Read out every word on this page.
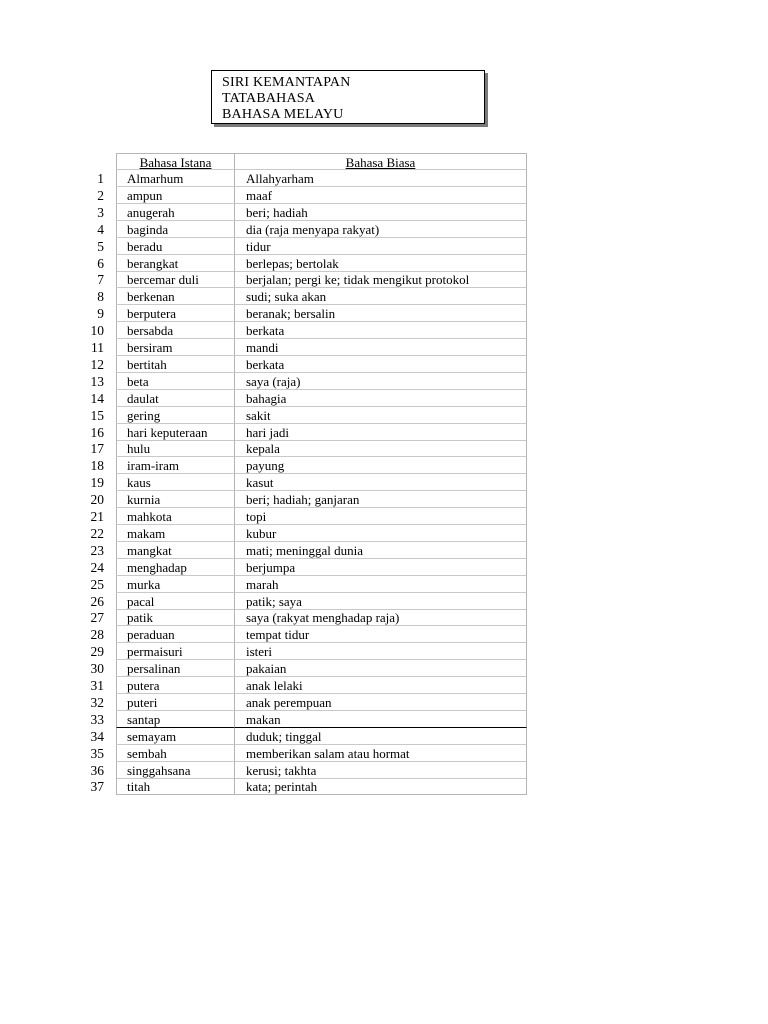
SIRI KEMANTAPAN
TATABAHASA
BAHASA MELAYU
Bahasa Istana	Bahasa Biasa
1	Almarhum	Allahyarham
2	ampun	maaf
3	anugerah	beri; hadiah
4	baginda	dia (raja menyapa rakyat)
5	beradu	tidur
6	berangkat	berlepas; bertolak
7	bercemar duli	berjalan; pergi ke; tidak mengikut protokol
8	berkenan	sudi; suka akan
9	berputera	beranak; bersalin
10	bersabda	berkata
11	bersiram	mandi
12	bertitah	berkata
13	beta	saya (raja)
14	daulat	bahagia
15	gering	sakit
16	hari keputeraan	hari jadi
17	hulu	kepala
18	iram-iram	payung
19	kaus	kasut
20	kurnia	beri; hadiah; ganjaran
21	mahkota	topi
22	makam	kubur
23	mangkat	mati; meninggal dunia
24	menghadap	berjumpa
25	murka	marah
26	pacal	patik; saya
27	patik	saya (rakyat menghadap raja)
28	peraduan	tempat tidur
29	permaisuri	isteri
30	persalinan	pakaian
31	putera	anak lelaki
32	puteri	anak perempuan
33	santap	makan
34	semayam	duduk; tinggal
35	sembah	memberikan salam atau hormat
36	singgahsana	kerusi; takhta
37	titah	kata; perintah
